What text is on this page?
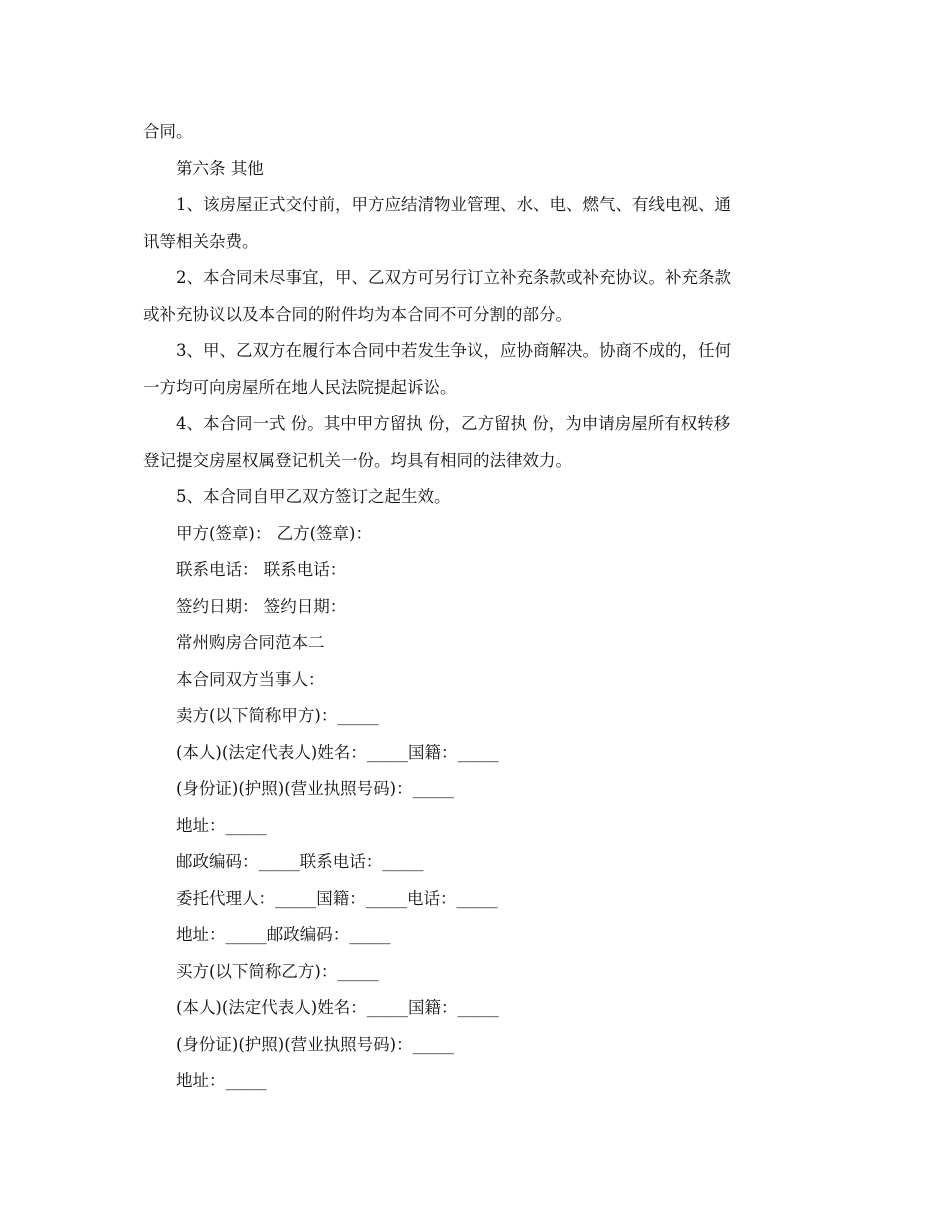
合同。
第六条 其他
1、该房屋正式交付前，甲方应结清物业管理、水、电、燃气、有线电视、通
讯等相关杂费。
2、本合同未尽事宜，甲、乙双方可另行订立补充条款或补充协议。补充条款
或补充协议以及本合同的附件均为本合同不可分割的部分。
3、甲、乙双方在履行本合同中若发生争议，应协商解决。协商不成的，任何
一方均可向房屋所在地人民法院提起诉讼。
4、本合同一式 份。其中甲方留执 份，乙方留执 份，为申请房屋所有权转移
登记提交房屋权属登记机关一份。均具有相同的法律效力。
5、本合同自甲乙双方签订之起生效。
甲方(签章)： 乙方(签章)：
联系电话： 联系电话：
签约日期： 签约日期：
常州购房合同范本二
本合同双方当事人：
卖方(以下简称甲方)：_____
(本人)(法定代表人)姓名：_____国籍：_____
(身份证)(护照)(营业执照号码)：_____
地址：_____
邮政编码：_____联系电话：_____
委托代理人：_____国籍：_____电话：_____
地址：_____邮政编码：_____
买方(以下简称乙方)：_____
(本人)(法定代表人)姓名：_____国籍：_____
(身份证)(护照)(营业执照号码)：_____
地址：_____
